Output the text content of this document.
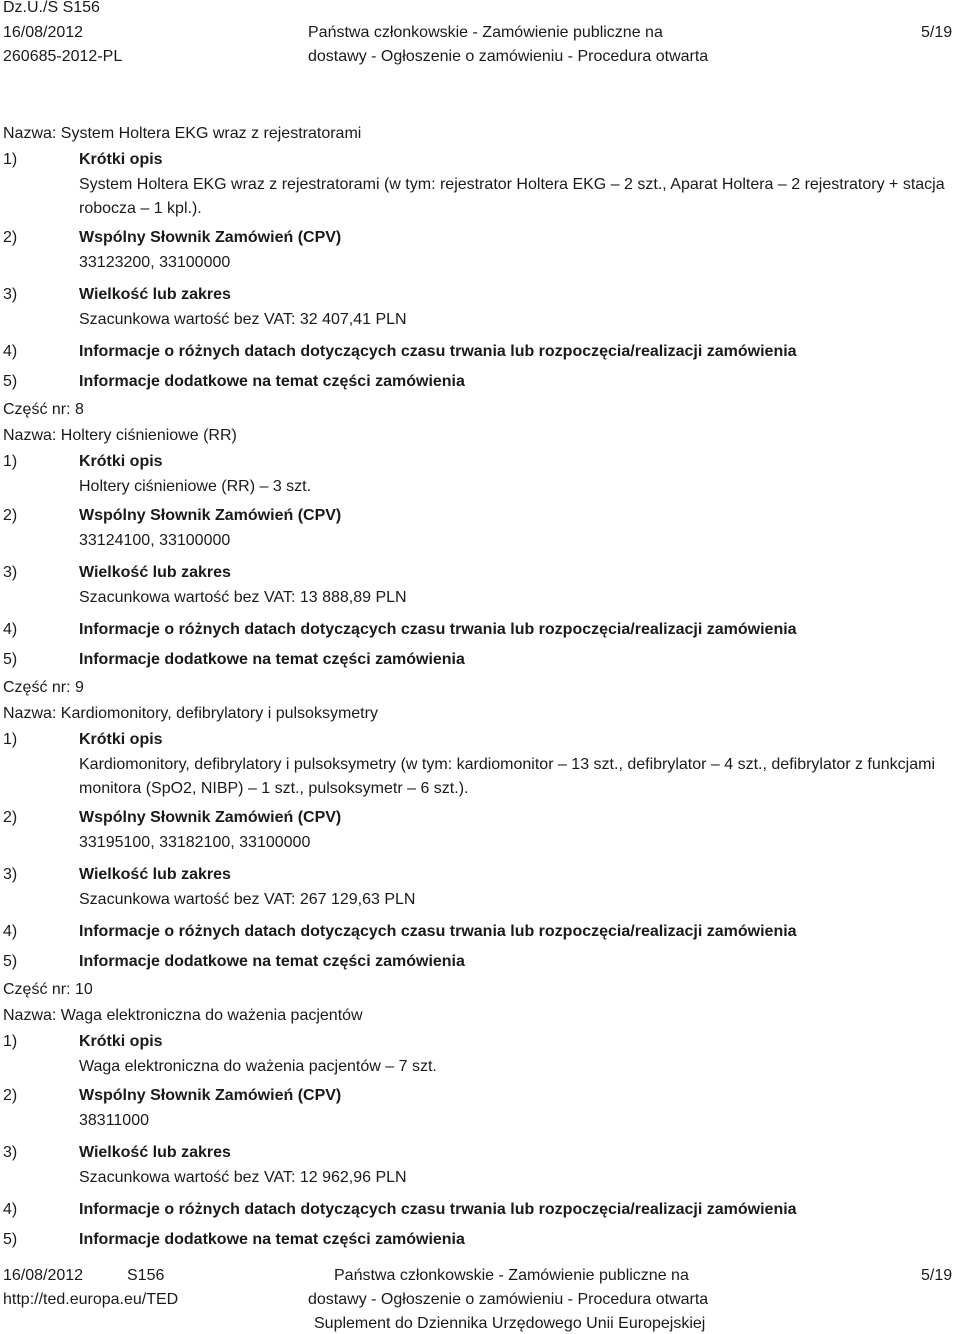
Dz.U./S S156
16/08/2012
260685-2012-PL
Państwa członkowskie - Zamówienie publiczne na
dostawy - Ogłoszenie o zamówieniu - Procedura otwarta
5/19
Nazwa: System Holtera EKG wraz z rejestratorami
1)	Krótki opis
System Holtera EKG wraz z rejestratorami (w tym: rejestrator Holtera EKG – 2 szt., Aparat Holtera – 2 rejestratory + stacja robocza – 1 kpl.).
2)	Wspólny Słownik Zamówień (CPV)
33123200, 33100000
3)	Wielkość lub zakres
Szacunkowa wartość bez VAT: 32 407,41 PLN
4)	Informacje o różnych datach dotyczących czasu trwania lub rozpoczęcia/realizacji zamówienia
5)	Informacje dodatkowe na temat części zamówienia
Część nr: 8
Nazwa: Holtery ciśnieniowe (RR)
1)	Krótki opis
Holtery ciśnieniowe (RR) – 3 szt.
2)	Wspólny Słownik Zamówień (CPV)
33124100, 33100000
3)	Wielkość lub zakres
Szacunkowa wartość bez VAT: 13 888,89 PLN
4)	Informacje o różnych datach dotyczących czasu trwania lub rozpoczęcia/realizacji zamówienia
5)	Informacje dodatkowe na temat części zamówienia
Część nr: 9
Nazwa: Kardiomonitory, defibrylatory i pulsoksymetry
1)	Krótki opis
Kardiomonitory, defibrylatory i pulsoksymetry (w tym: kardiomonitor – 13 szt., defibrylator – 4 szt., defibrylator z funkcjami monitora (SpO2, NIBP) – 1 szt., pulsoksymetr – 6 szt.).
2)	Wspólny Słownik Zamówień (CPV)
33195100, 33182100, 33100000
3)	Wielkość lub zakres
Szacunkowa wartość bez VAT: 267 129,63 PLN
4)	Informacje o różnych datach dotyczących czasu trwania lub rozpoczęcia/realizacji zamówienia
5)	Informacje dodatkowe na temat części zamówienia
Część nr: 10
Nazwa: Waga elektroniczna do ważenia pacjentów
1)	Krótki opis
Waga elektroniczna do ważenia pacjentów – 7 szt.
2)	Wspólny Słownik Zamówień (CPV)
38311000
3)	Wielkość lub zakres
Szacunkowa wartość bez VAT: 12 962,96 PLN
4)	Informacje o różnych datach dotyczących czasu trwania lub rozpoczęcia/realizacji zamówienia
5)	Informacje dodatkowe na temat części zamówienia
16/08/2012	S156
http://ted.europa.eu/TED
Państwa członkowskie - Zamówienie publiczne na
dostawy - Ogłoszenie o zamówieniu - Procedura otwarta
Suplement do Dziennika Urzędowego Unii Europejskiej
5/19
